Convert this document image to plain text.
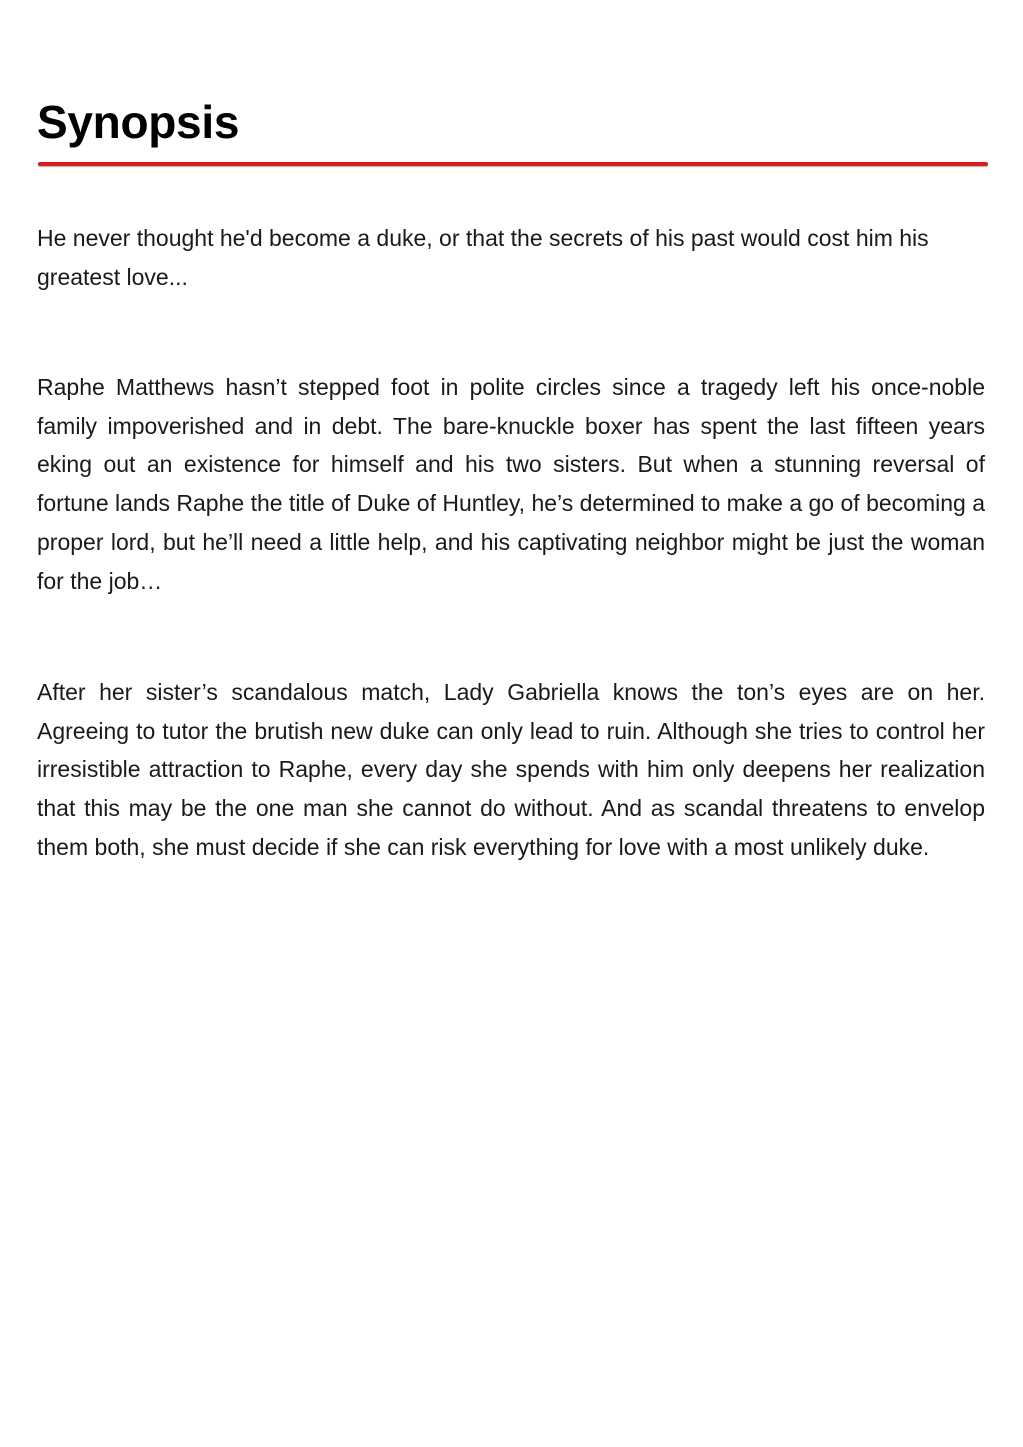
Synopsis

He never thought he'd become a duke, or that the secrets of his past would cost him his greatest love...

Raphe Matthews hasn’t stepped foot in polite circles since a tragedy left his once-noble family impoverished and in debt. The bare-knuckle boxer has spent the last fifteen years eking out an existence for himself and his two sisters. But when a stunning reversal of fortune lands Raphe the title of Duke of Huntley, he’s determined to make a go of becoming a proper lord, but he’ll need a little help, and his captivating neighbor might be just the woman for the job…

After her sister’s scandalous match, Lady Gabriella knows the ton’s eyes are on her. Agreeing to tutor the brutish new duke can only lead to ruin. Although she tries to control her irresistible attraction to Raphe, every day she spends with him only deepens her realization that this may be the one man she cannot do without. And as scandal threatens to envelop them both, she must decide if she can risk everything for love with a most unlikely duke.
